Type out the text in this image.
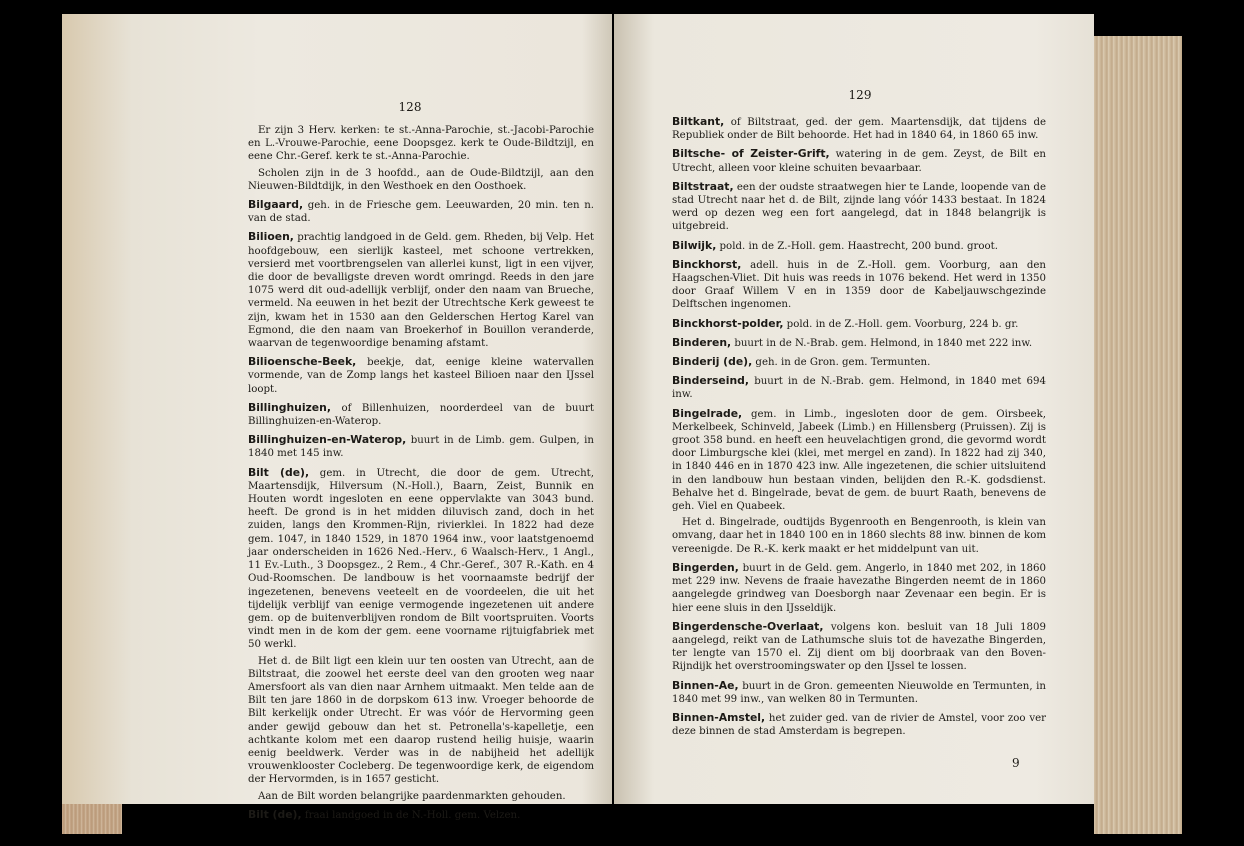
128

Er zijn 3 Herv. kerken: te st.-Anna-Parochie, st.-Jacobi-Parochie en L.-Vrouwe-Parochie, eene Doopsgez. kerk te Oude-Bildtzijl, en eene Chr.-Geref. kerk te st.-Anna-Parochie.

Scholen zijn in de 3 hoofdd., aan de Oude-Bildtzijl, aan den Nieuwen-Bildtdijk, in den Westhoek en den Oosthoek.

Bilgaard, geh. in de Friesche gem. Leeuwarden, 20 min. ten n. van de stad.

Bilioen, prachtig landgoed in de Geld. gem. Rheden, bij Velp. Het hoofdgebouw, een sierlijk kasteel, met schoone vertrekken, versierd met voortbrengselen van allerlei kunst, ligt in een vijver, die door de bevalligste dreven wordt omringd. Reeds in den jare 1075 werd dit oud-adellijk verblijf, onder den naam van Brueche, vermeld. Na eeuwen in het bezit der Utrechtsche Kerk geweest te zijn, kwam het in 1530 aan den Gelderschen Hertog Karel van Egmond, die den naam van Broekerhof in Bouillon veranderde, waarvan de tegenwoordige benaming afstamt.

Bilioensche-Beek, beekje, dat, eenige kleine watervallen vormende, van de Zomp langs het kasteel Bilioen naar den IJssel loopt.

Billinghuizen, of Billenhuizen, noorderdeel van de buurt Billinghuizen-en-Waterop.

Billinghuizen-en-Waterop, buurt in de Limb. gem. Gulpen, in 1840 met 145 inw.

Bilt (de), gem. in Utrecht, die door de gem. Utrecht, Maartensdijk, Hilversum (N.-Holl.), Baarn, Zeist, Bunnik en Houten wordt ingesloten en eene oppervlakte van 3043 bund. heeft. De grond is in het midden diluvisch zand, doch in het zuiden, langs den Krommen-Rijn, rivierklei. In 1822 had deze gem. 1047, in 1840 1529, in 1870 1964 inw., voor laatstgenoemd jaar onderscheiden in 1626 Ned.-Herv., 6 Waalsch-Herv., 1 Angl., 11 Ev.-Luth., 3 Doopsgez., 2 Rem., 4 Chr.-Geref., 307 R.-Kath. en 4 Oud-Roomschen. De landbouw is het voornaamste bedrijf der ingezetenen, benevens veeteelt en de voordeelen, die uit het tijdelijk verblijf van eenige vermogende ingezetenen uit andere gem. op de buitenverblijven rondom de Bilt voortspruiten. Voorts vindt men in de kom der gem. eene voorname rijtuigfabriek met 50 werkl.

Het d. de Bilt ligt een klein uur ten oosten van Utrecht, aan de Biltstraat, die zoowel het eerste deel van den grooten weg naar Amersfoort als van dien naar Arnhem uitmaakt. Men telde aan de Bilt ten jare 1860 in de dorpskom 613 inw. Vroeger behoorde de Bilt kerkelijk onder Utrecht. Er was vóór de Hervorming geen ander gewijd gebouw dan het st. Petronella's-kapelletje, een achtkante kolom met een daarop rustend heilig huisje, waarin eenig beeldwerk. Verder was in de nabijheid het adellijk vrouwenklooster Cocleberg. De tegenwoordige kerk, de eigendom der Hervormden, is in 1657 gesticht.

Aan de Bilt worden belangrijke paardenmarkten gehouden.

Bilt (de), fraai landgoed in de N.-Holl. gem. Velzen.

129

Biltkant, of Biltstraat, ged. der gem. Maartensdijk, dat tijdens de Republiek onder de Bilt behoorde. Het had in 1840 64, in 1860 65 inw.

Biltsche- of Zeister-Grift, watering in de gem. Zeyst, de Bilt en Utrecht, alleen voor kleine schuiten bevaarbaar.

Biltstraat, een der oudste straatwegen hier te Lande, loopende van de stad Utrecht naar het d. de Bilt, zijnde lang vóór 1433 bestaat. In 1824 werd op dezen weg een fort aangelegd, dat in 1848 belangrijk is uitgebreid.

Bilwijk, pold. in de Z.-Holl. gem. Haastrecht, 200 bund. groot.

Binckhorst, adell. huis in de Z.-Holl. gem. Voorburg, aan den Haagschen-Vliet. Dit huis was reeds in 1076 bekend. Het werd in 1350 door Graaf Willem V en in 1359 door de Kabeljauwschgezinde Delftschen ingenomen.

Binckhorst-polder, pold. in de Z.-Holl. gem. Voorburg, 224 b. gr.

Binderen, buurt in de N.-Brab. gem. Helmond, in 1840 met 222 inw.

Binderij (de), geh. in de Gron. gem. Termunten.

Binderseind, buurt in de N.-Brab. gem. Helmond, in 1840 met 694 inw.

Bingelrade, gem. in Limb., ingesloten door de gem. Oirsbeek, Merkelbeek, Schinveld, Jabeek (Limb.) en Hillensberg (Pruissen). Zij is groot 358 bund. en heeft een heuvelachtigen grond, die gevormd wordt door Limburgsche klei (klei, met mergel en zand). In 1822 had zij 340, in 1840 446 en in 1870 423 inw. Alle ingezetenen, die schier uitsluitend in den landbouw hun bestaan vinden, belijden den R.-K. godsdienst. Behalve het d. Bingelrade, bevat de gem. de buurt Raath, benevens de geh. Viel en Quabeek.

Het d. Bingelrade, oudtijds Bygenrooth en Bengenrooth, is klein van omvang, daar het in 1840 100 en in 1860 slechts 88 inw. binnen de kom vereenigde. De R.-K. kerk maakt er het middelpunt van uit.

Bingerden, buurt in de Geld. gem. Angerlo, in 1840 met 202, in 1860 met 229 inw. Nevens de fraaie havezathe Bingerden neemt de in 1860 aangelegde grindweg van Doesborgh naar Zevenaar een begin. Er is hier eene sluis in den IJsseldijk.

Bingerdensche-Overlaat, volgens kon. besluit van 18 Juli 1809 aangelegd, reikt van de Lathumsche sluis tot de havezathe Bingerden, ter lengte van 1570 el. Zij dient om bij doorbraak van den Boven-Rijndijk het overstroomingswater op den IJssel te lossen.

Binnen-Ae, buurt in de Gron. gemeenten Nieuwolde en Termunten, in 1840 met 99 inw., van welken 80 in Termunten.

Binnen-Amstel, het zuider ged. van de rivier de Amstel, voor zoo ver deze binnen de stad Amsterdam is begrepen.

9
